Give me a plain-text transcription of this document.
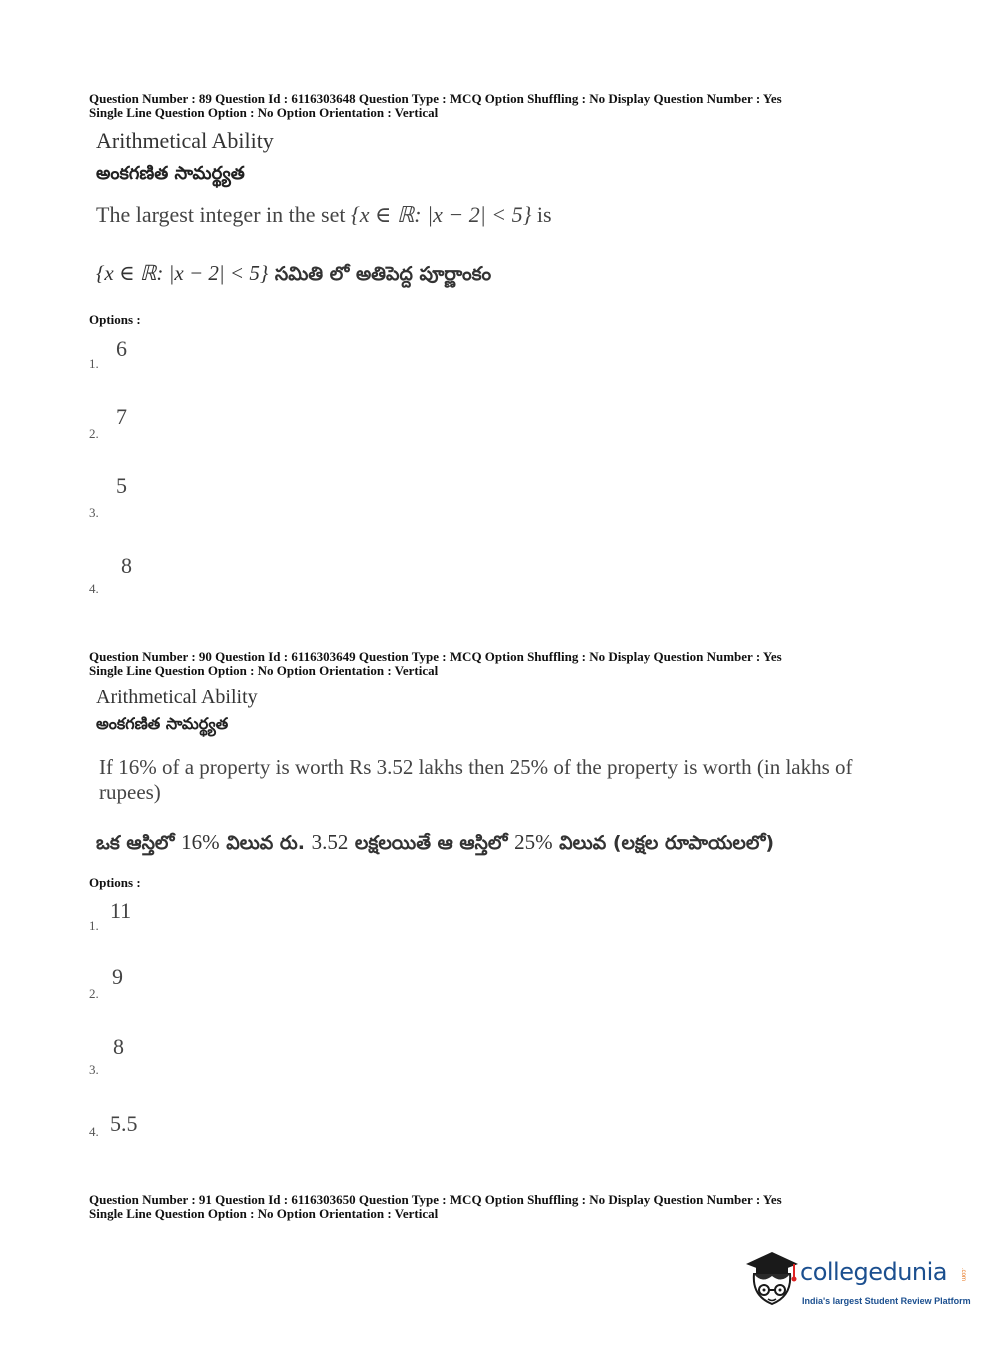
Question Number : 89 Question Id : 6116303648 Question Type : MCQ Option Shuffling : No Display Question Number : Yes
Single Line Question Option : No Option Orientation : Vertical
Arithmetical Ability
అంకగణిత సామర్థ్యత
The largest integer in the set {x ∈ ℝ: |x − 2| < 5} is
{x ∈ ℝ: |x − 2| < 5} సమితి లో అతిపెద్ద పూర్ణాంకం
Options :
1.
6
2.
7
3.
5
4.
8
Question Number : 90 Question Id : 6116303649 Question Type : MCQ Option Shuffling : No Display Question Number : Yes
Single Line Question Option : No Option Orientation : Vertical
Arithmetical Ability
అంకగణిత సామర్థ్యత
If 16% of a property is worth Rs 3.52 lakhs then 25% of the property is worth (in lakhs of rupees)
ఒక ఆస్తిలో 16% విలువ రు. 3.52 లక్షలయితే ఆ ఆస్తిలో 25% విలువ (లక్షల రూపాయలలో)
Options :
1.
11
2.
9
3.
8
4. 5.5
Question Number : 91 Question Id : 6116303650 Question Type : MCQ Option Shuffling : No Display Question Number : Yes
Single Line Question Option : No Option Orientation : Vertical
collegedunia .com
India's largest Student Review Platform
